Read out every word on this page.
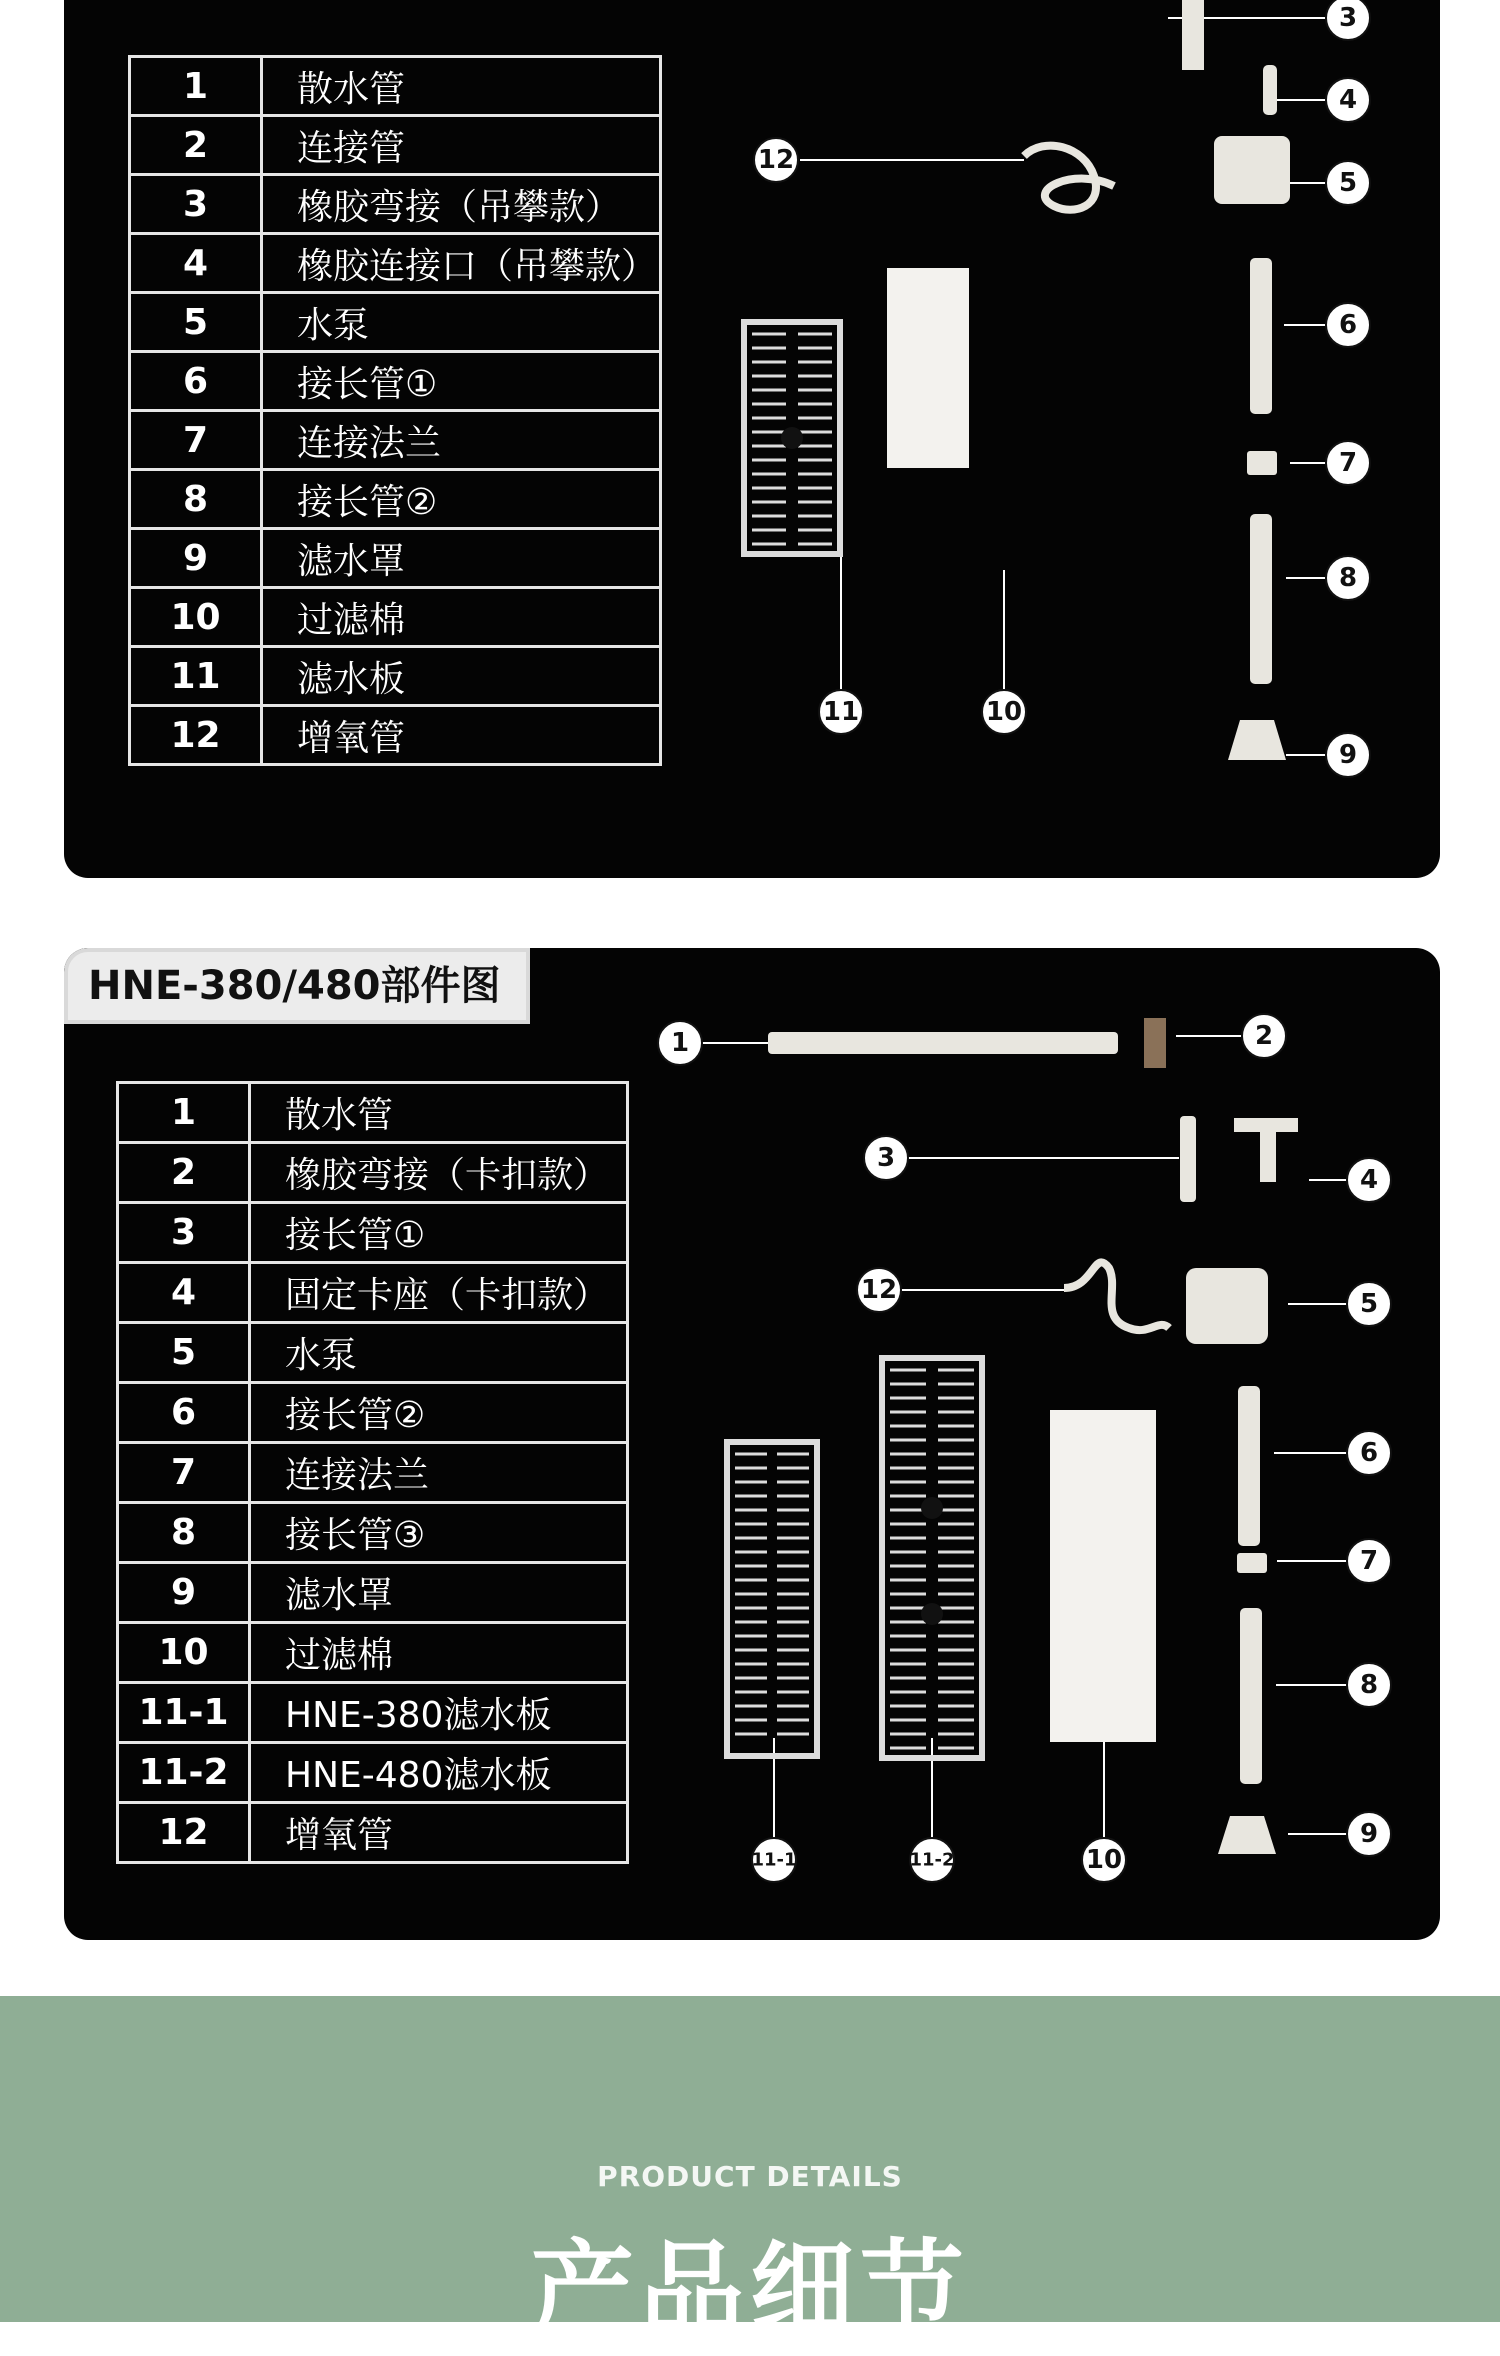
1	散水管
2	连接管
3	橡胶弯接（吊攀款）
4	橡胶连接口（吊攀款）
5	水泵
6	接长管①
7	连接法兰
8	接长管②
9	滤水罩
10	过滤棉
11	滤水板
12	增氧管
3
4
5
6
7
8
9
10
11
12
HNE-380/480部件图
1	散水管
2	橡胶弯接（卡扣款）
3	接长管①
4	固定卡座（卡扣款）
5	水泵
6	接长管②
7	连接法兰
8	接长管③
9	滤水罩
10	过滤棉
11-1	HNE-380滤水板
11-2	HNE-480滤水板
12	增氧管
1	2
3
4
5
6
7
8
9
10
11-1	11-2
12
PRODUCT DETAILS
产品细节
